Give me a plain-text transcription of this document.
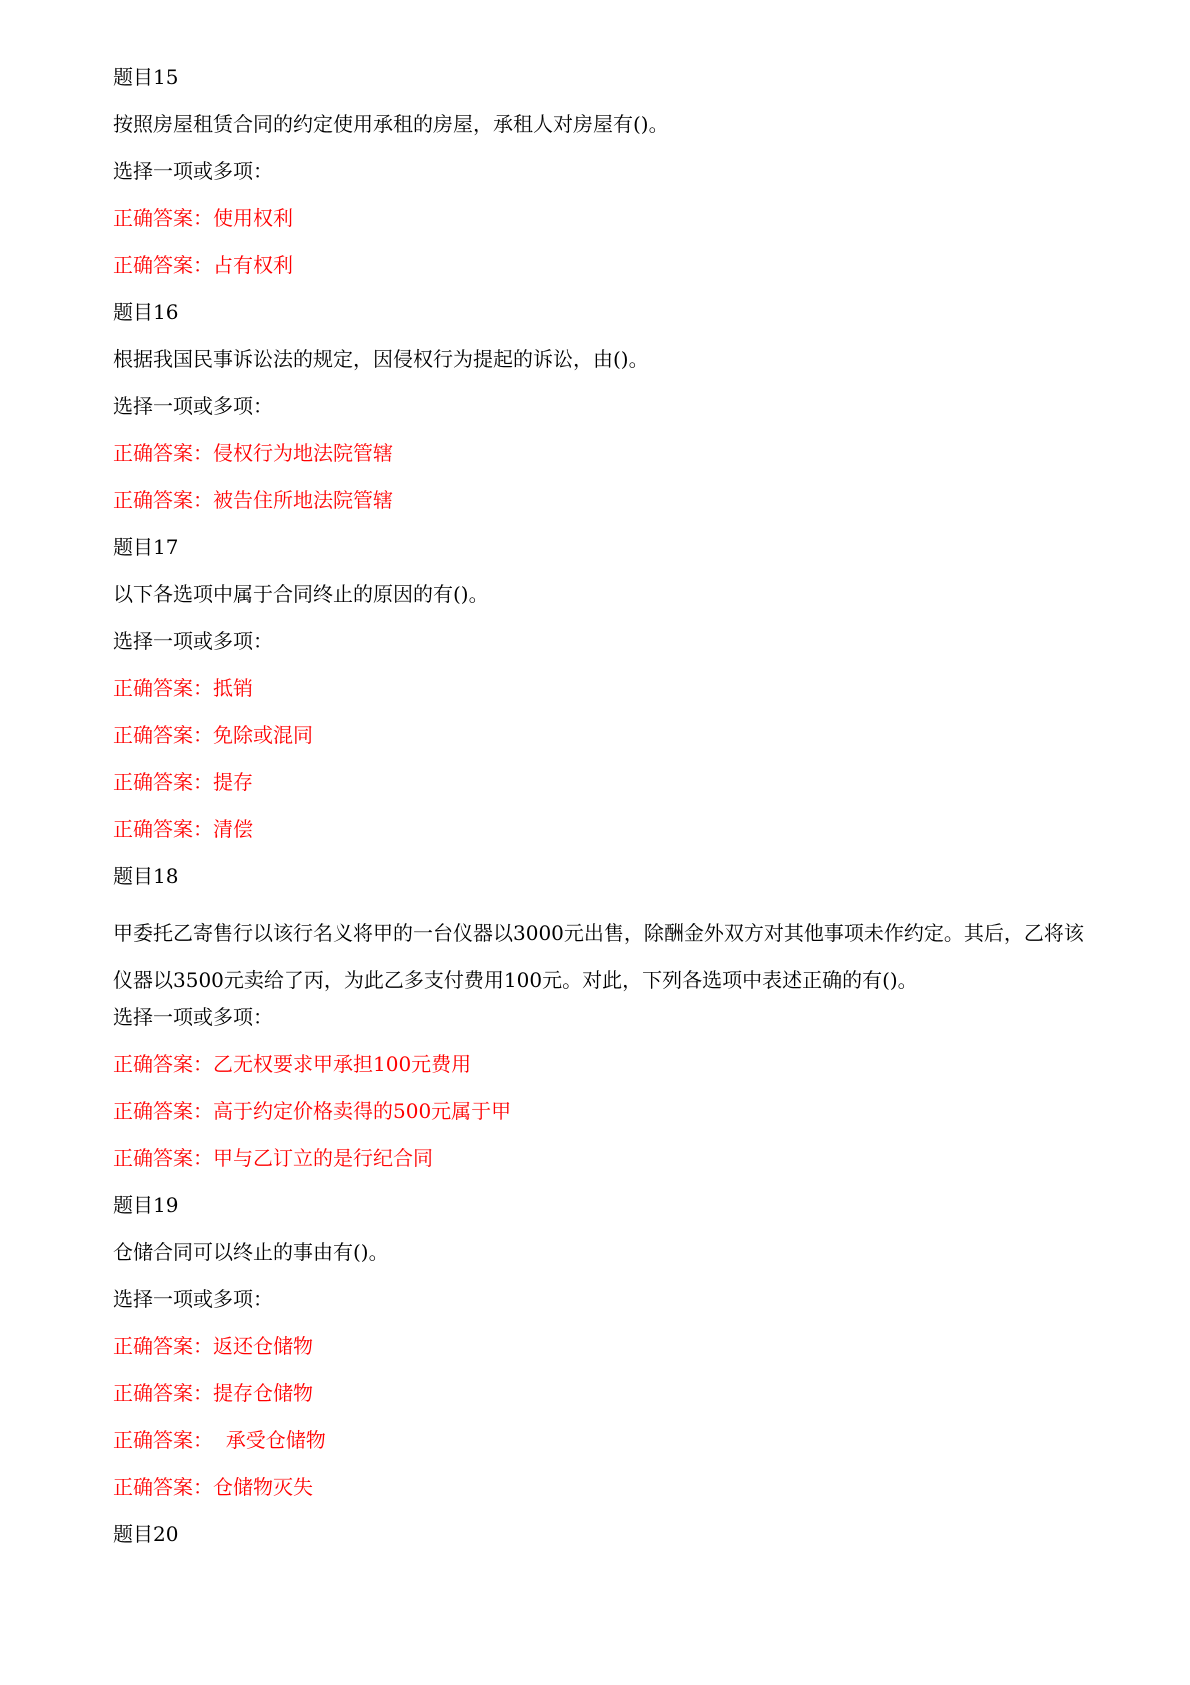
题目15
按照房屋租赁合同的约定使用承租的房屋，承租人对房屋有()。
选择一项或多项：
正确答案：使用权利
正确答案：占有权利
题目16
根据我国民事诉讼法的规定，因侵权行为提起的诉讼，由()。
选择一项或多项：
正确答案：侵权行为地法院管辖
正确答案：被告住所地法院管辖
题目17
以下各选项中属于合同终止的原因的有()。
选择一项或多项：
正确答案：抵销
正确答案：免除或混同
正确答案：提存
正确答案：清偿
题目18
甲委托乙寄售行以该行名义将甲的一台仪器以3000元出售，除酬金外双方对其他事项未作约定。其后，乙将该仪器以3500元卖给了丙，为此乙多支付费用100元。对此，下列各选项中表述正确的有()。
选择一项或多项：
正确答案：乙无权要求甲承担100元费用
正确答案：高于约定价格卖得的500元属于甲
正确答案：甲与乙订立的是行纪合同
题目19
仓储合同可以终止的事由有()。
选择一项或多项：
正确答案：返还仓储物
正确答案：提存仓储物
正确答案：  承受仓储物
正确答案：仓储物灭失
题目20
